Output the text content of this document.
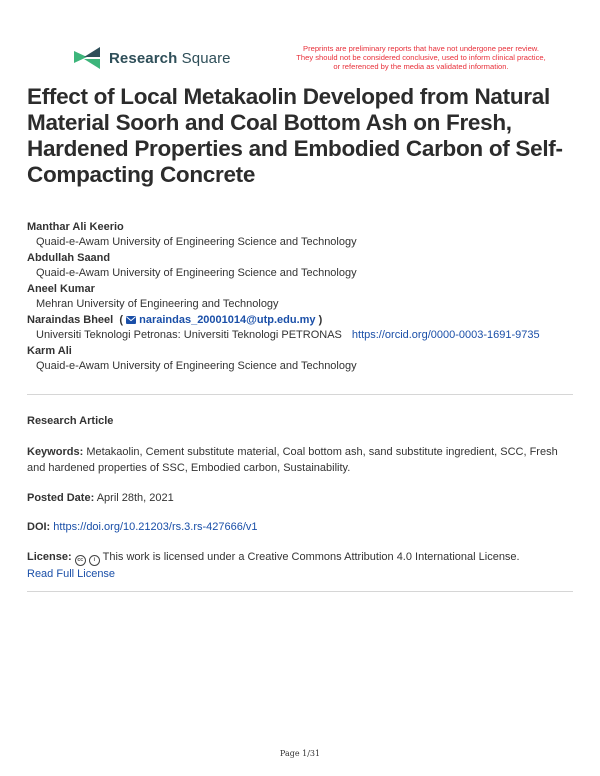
Research Square
Preprints are preliminary reports that have not undergone peer review.
They should not be considered conclusive, used to inform clinical practice,
or referenced by the media as validated information.
Effect of Local Metakaolin Developed from Natural Material Soorh and Coal Bottom Ash on Fresh, Hardened Properties and Embodied Carbon of Self-Compacting Concrete
Manthar Ali Keerio
Quaid-e-Awam University of Engineering Science and Technology
Abdullah Saand
Quaid-e-Awam University of Engineering Science and Technology
Aneel Kumar
Mehran University of Engineering and Technology
Naraindas Bheel  (  naraindas_20001014@utp.edu.my )
Universiti Teknologi Petronas: Universiti Teknologi PETRONAS https://orcid.org/0000-0003-1691-9735
Karm Ali
Quaid-e-Awam University of Engineering Science and Technology
Research Article
Keywords: Metakaolin, Cement substitute material, Coal bottom ash, sand substitute ingredient, SCC, Fresh and hardened properties of SSC, Embodied carbon, Sustainability.
Posted Date: April 28th, 2021
DOI: https://doi.org/10.21203/rs.3.rs-427666/v1
License: cc i This work is licensed under a Creative Commons Attribution 4.0 International License.
Read Full License
Page 1/31
